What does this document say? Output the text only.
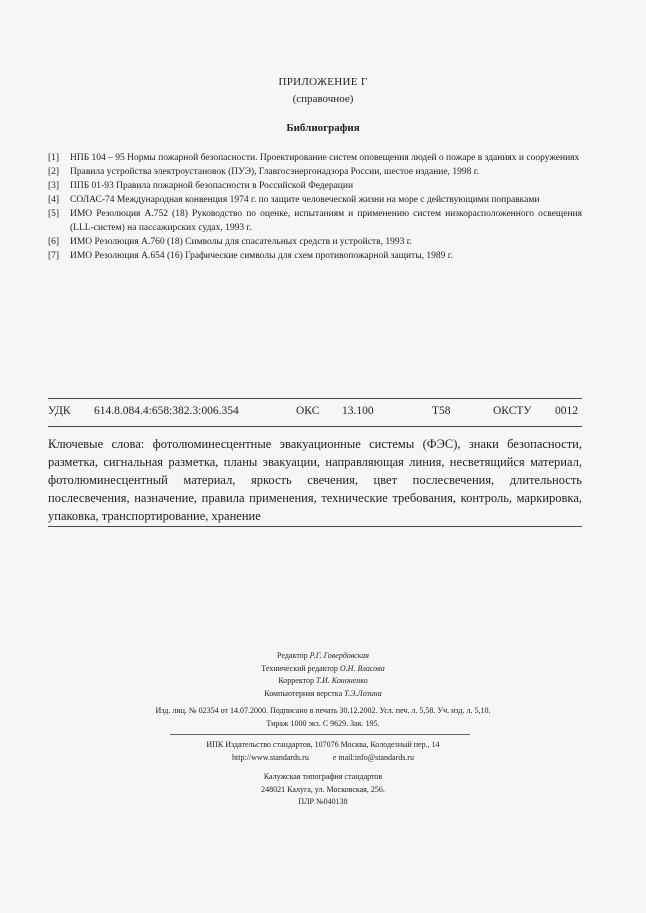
ПРИЛОЖЕНИЕ Г
(справочное)
Библиография
[1]	НПБ 104 – 95 Нормы пожарной безопасности. Проектирование систем оповещения людей о пожаре в зданиях и сооружениях
[2]	Правила устройства электроустановок (ПУЭ), Главгосэнергонадзора России, шестое издание, 1998 г.
[3]	ППБ 01-93 Правила пожарной безопасности в Российской Федерации
[4]	СОЛАС-74 Международная конвенция 1974 г. по защите человеческой жизни на море с действующими поправками
[5]	ИМО Резолюция А.752 (18) Руководство по оценке, испытаниям и применению систем низкорасположенного освещения (LLL-систем) на пассажирских судах, 1993 г.
[6]	ИМО Резолюция А.760 (18) Символы для спасательных средств и устройств, 1993 г.
[7]	ИМО Резолюция А.654 (16) Графические символы для схем противопожарной защиты, 1989 г.
УДК 614.8.084.4:658:382.3:006.354	ОКС 13.100	Т58	ОКСТУ 0012
Ключевые слова: фотолюминесцентные эвакуационные системы (ФЭС), знаки безопасности, разметка, сигнальная разметка, планы эвакуации, направляющая линия, несветящийся материал, фотолюминесцентный материал, яркость свечения, цвет послесвечения, длительность послесвечения, назначение, правила применения, технические требования, контроль, маркировка, упаковка, транспортирование, хранение
Редактор Р.Г. Говердовская
Технический редактор О.Н. Власова
Корректор Т.И. Кононенко
Компьютерная верстка Т.Э.Лозина
Изд. лиц. № 02354 от 14.07.2000. Подписано в печать 30.12.2002. Усл. печ. л. 5,58. Уч. изд. л. 5,10.
Тираж 1000 экз. С 9629. Зак. 195.
ИПК Издательство стандартов, 107076 Москва, Колодезный пер., 14
http://www.standards.ru	e mail:info@standards.ru
Калужская типография стандартов
248021 Калуга, ул. Московская, 256.
ПЛР №040138
